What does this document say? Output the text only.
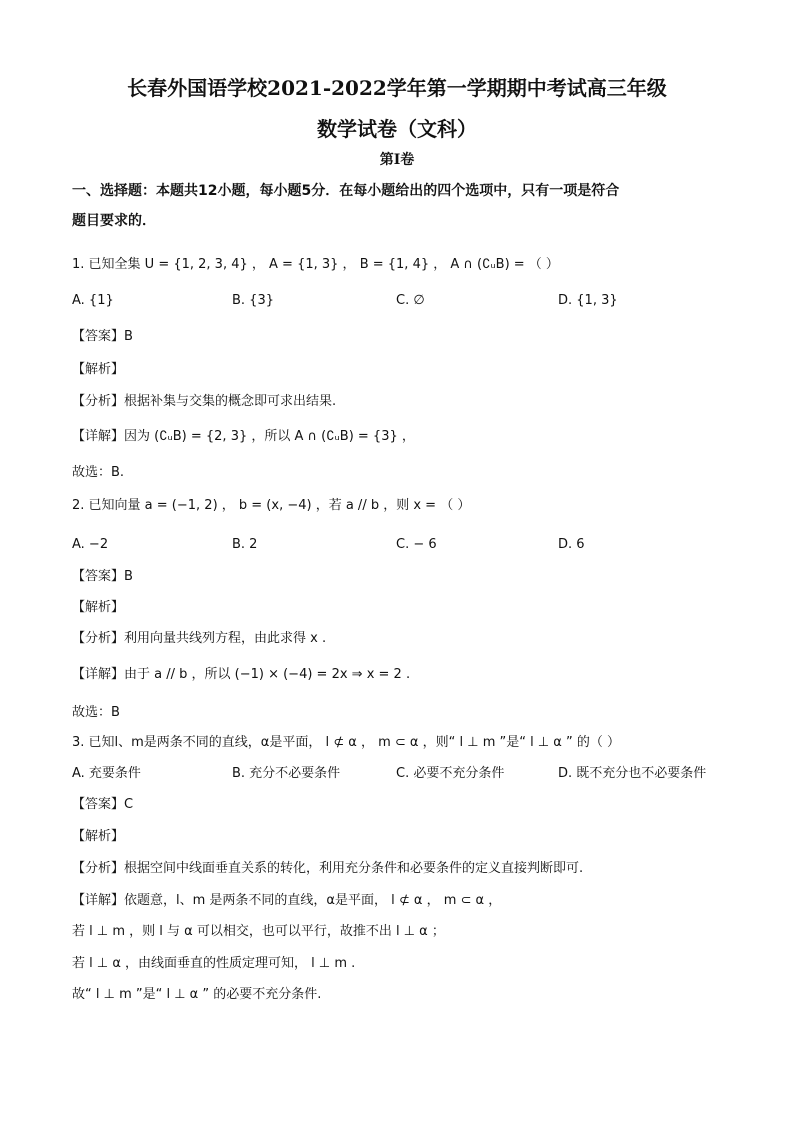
长春外国语学校2021-2022学年第一学期期中考试高三年级
数学试卷（文科）
第Ⅰ卷
一、选择题：本题共12小题，每小题5分．在每小题给出的四个选项中，只有一项是符合
题目要求的．
1. 已知全集 U = {1, 2, 3, 4} ， A = {1, 3} ， B = {1, 4} ， A ∩ (∁ᵤB) = （ ）
A. {1}	B. {3}	C. ∅	D. {1, 3}
【答案】B
【解析】
【分析】根据补集与交集的概念即可求出结果.
【详解】因为 (∁ᵤB) = {2, 3} ，所以 A ∩ (∁ᵤB) = {3} ，
故选：B.
2. 已知向量 a = (−1, 2) ， b = (x, −4) ，若 a // b ，则 x = （ ）
A. −2	B. 2	C. − 6	D. 6
【答案】B
【解析】
【分析】利用向量共线列方程，由此求得 x .
【详解】由于 a // b ，所以 (−1) × (−4) = 2x ⇒ x = 2 .
故选：B
3. 已知l、m是两条不同的直线，α是平面， l ⊄ α ， m ⊂ α ，则“ l ⊥ m ”是“ l ⊥ α ” 的（ ）
A. 充要条件	B. 充分不必要条件	C. 必要不充分条件	D. 既不充分也不必要条件
【答案】C
【解析】
【分析】根据空间中线面垂直关系的转化，利用充分条件和必要条件的定义直接判断即可.
【详解】依题意，l、m 是两条不同的直线，α是平面， l ⊄ α ， m ⊂ α ，
若 l ⊥ m ，则 l 与 α 可以相交，也可以平行，故推不出 l ⊥ α ；
若 l ⊥ α ，由线面垂直的性质定理可知， l ⊥ m .
故“ l ⊥ m ”是“ l ⊥ α ” 的必要不充分条件.
